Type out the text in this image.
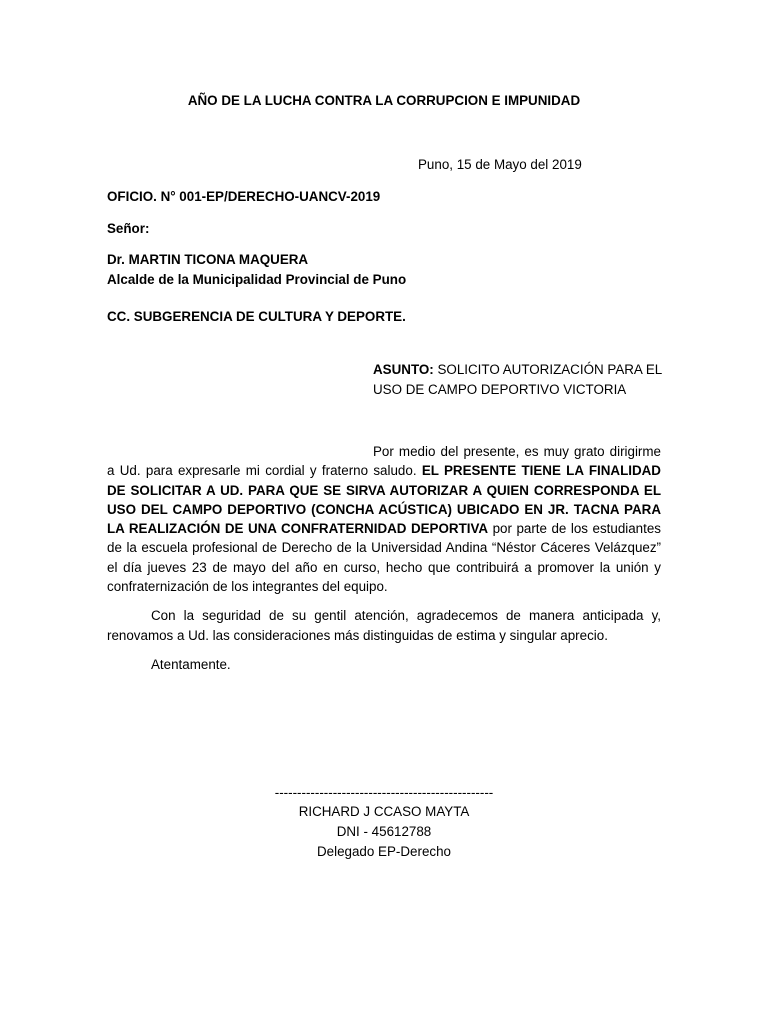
AÑO DE LA LUCHA CONTRA LA CORRUPCION E IMPUNIDAD
Puno, 15 de Mayo del 2019
OFICIO. N° 001-EP/DERECHO-UANCV-2019
Señor:
Dr. MARTIN TICONA MAQUERA
Alcalde de la Municipalidad Provincial de Puno
CC. SUBGERENCIA DE CULTURA Y DEPORTE.
ASUNTO: SOLICITO AUTORIZACIÓN PARA EL USO DE CAMPO DEPORTIVO VICTORIA
Por medio del presente, es muy grato dirigirme a Ud. para expresarle mi cordial y fraterno saludo. EL PRESENTE TIENE LA FINALIDAD DE SOLICITAR A UD. PARA QUE SE SIRVA AUTORIZAR A QUIEN CORRESPONDA EL USO DEL CAMPO DEPORTIVO (CONCHA ACÚSTICA) UBICADO EN JR. TACNA PARA LA REALIZACIÓN DE UNA CONFRATERNIDAD DEPORTIVA por parte de los estudiantes de la escuela profesional de Derecho de la Universidad Andina “Néstor Cáceres Velázquez” el día jueves 23 de mayo del año en curso, hecho que contribuirá a promover la unión y confraternización de los integrantes del equipo.
Con la seguridad de su gentil atención, agradecemos de manera anticipada y, renovamos a Ud. las consideraciones más distinguidas de estima y singular aprecio.
Atentamente.
-------------------------------------------------
RICHARD J CCASO MAYTA
DNI - 45612788
Delegado EP-Derecho
